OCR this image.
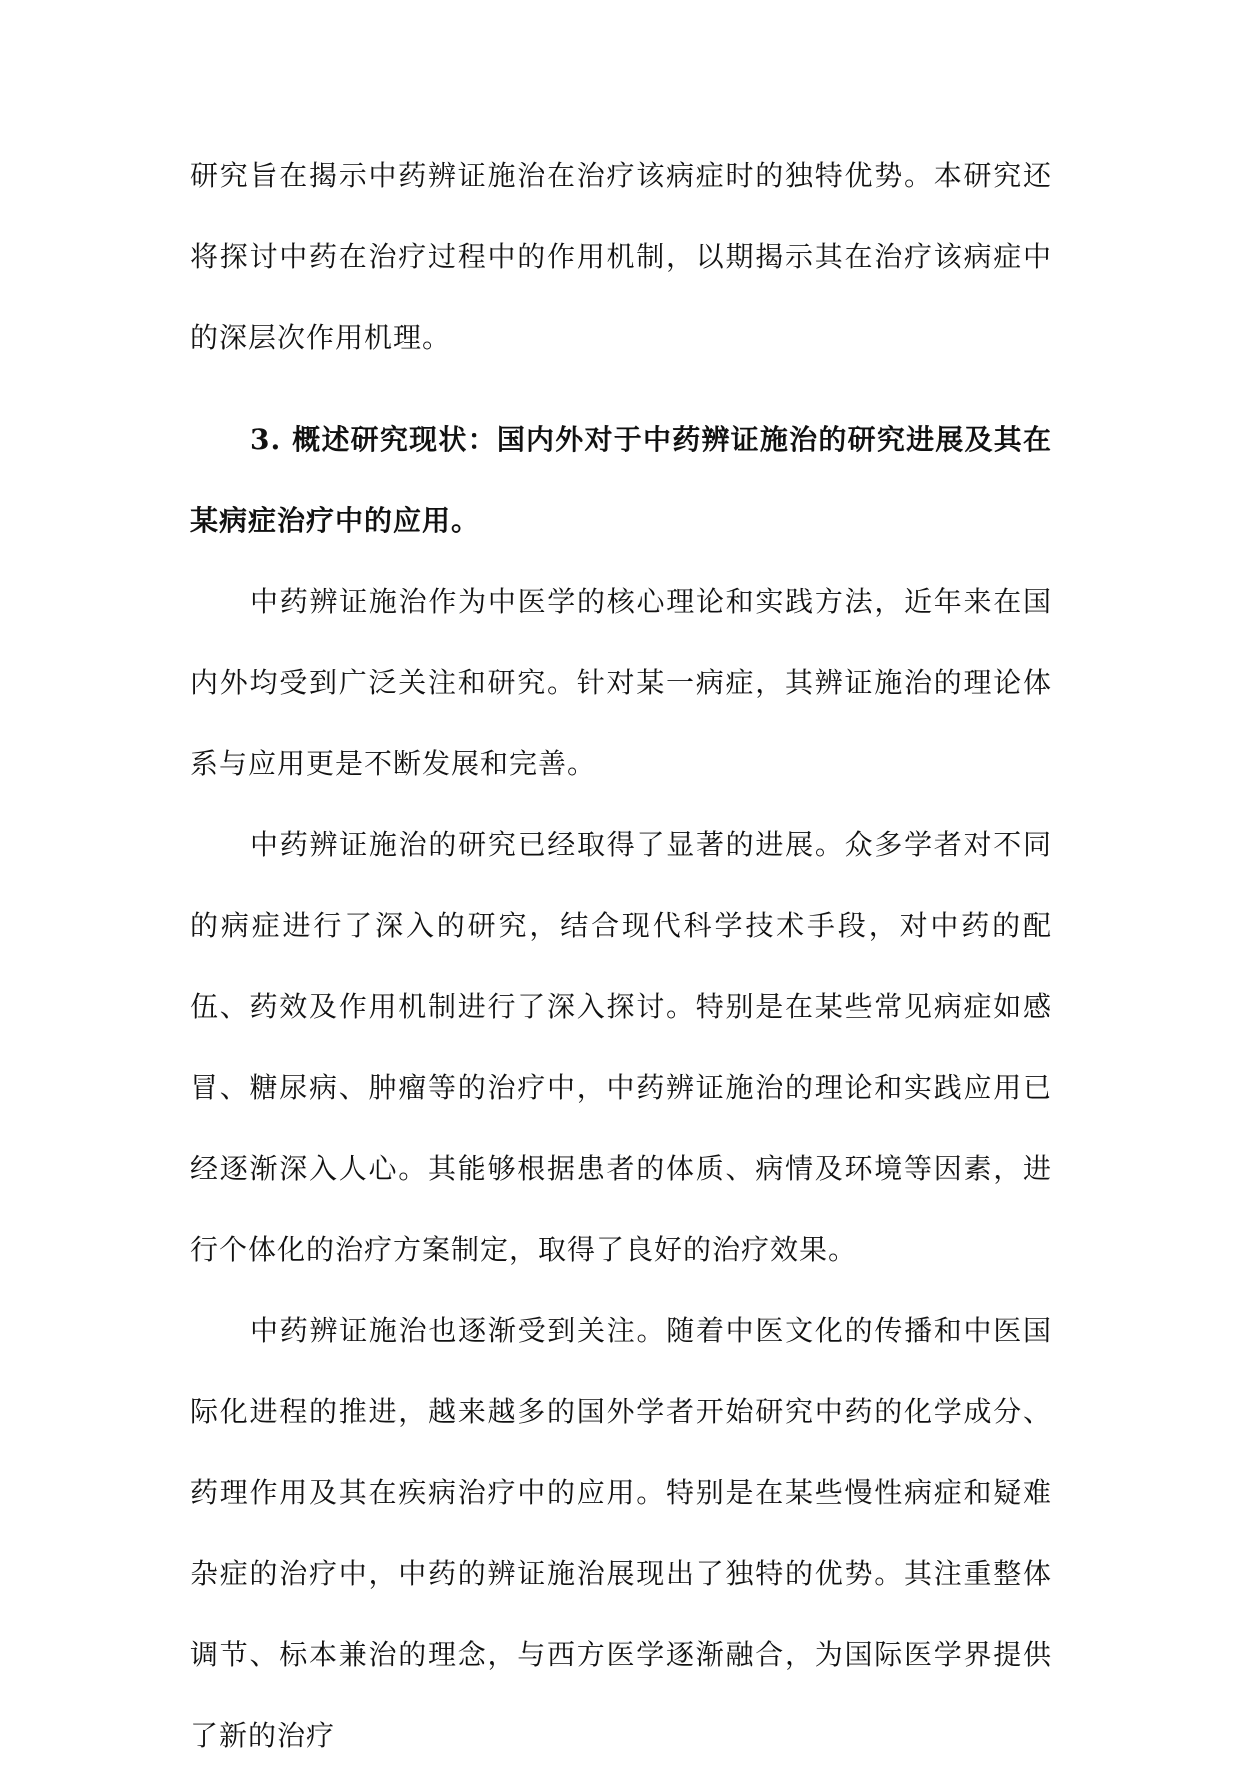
研究旨在揭示中药辨证施治在治疗该病症时的独特优势。本研究还将探讨中药在治疗过程中的作用机制，以期揭示其在治疗该病症中的深层次作用机理。

3. 概述研究现状：国内外对于中药辨证施治的研究进展及其在某病症治疗中的应用。

中药辨证施治作为中医学的核心理论和实践方法，近年来在国内外均受到广泛关注和研究。针对某一病症，其辨证施治的理论体系与应用更是不断发展和完善。

中药辨证施治的研究已经取得了显著的进展。众多学者对不同的病症进行了深入的研究，结合现代科学技术手段，对中药的配伍、药效及作用机制进行了深入探讨。特别是在某些常见病症如感冒、糖尿病、肿瘤等的治疗中，中药辨证施治的理论和实践应用已经逐渐深入人心。其能够根据患者的体质、病情及环境等因素，进行个体化的治疗方案制定，取得了良好的治疗效果。

中药辨证施治也逐渐受到关注。随着中医文化的传播和中医国际化进程的推进，越来越多的国外学者开始研究中药的化学成分、药理作用及其在疾病治疗中的应用。特别是在某些慢性病症和疑难杂症的治疗中，中药的辨证施治展现出了独特的优势。其注重整体调节、标本兼治的理念，与西方医学逐渐融合，为国际医学界提供了新的治疗
